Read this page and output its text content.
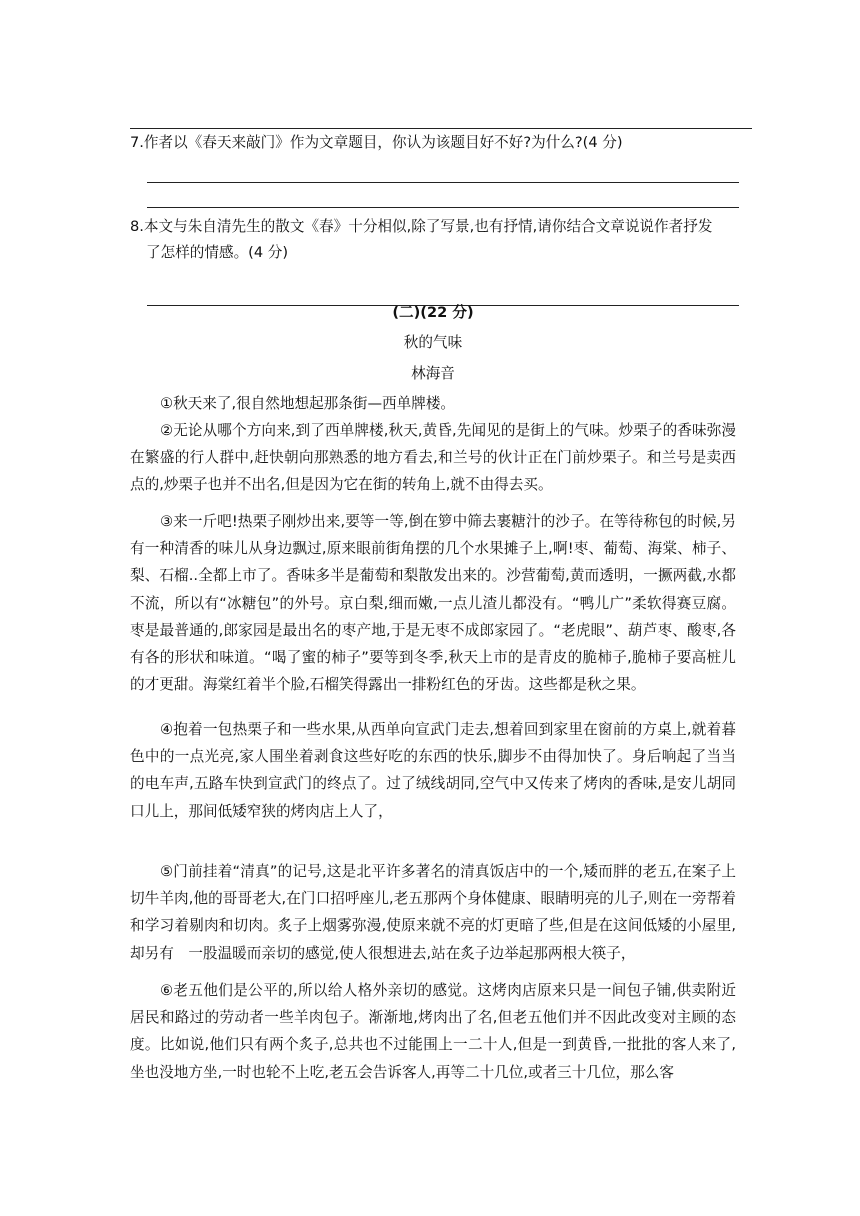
7.作者以《春天来敲门》作为文章题目，你认为该题目好不好?为什么?(4 分)
8.本文与朱自清先生的散文《春》十分相似,除了写景,也有抒情,请你结合文章说说作者抒发
了怎样的情感。(4 分)
(二)(22 分)
秋的气味
林海音
①秋天来了,很自然地想起那条街—西单牌楼。
②无论从哪个方向来,到了西单牌楼,秋天,黄昏,先闻见的是街上的气味。炒栗子的香味弥漫在繁盛的行人群中,赶快朝向那熟悉的地方看去,和兰号的伙计正在门前炒栗子。和兰号是卖西点的,炒栗子也并不出名,但是因为它在街的转角上,就不由得去买。
③来一斤吧!热栗子刚炒出来,要等一等,倒在箩中筛去裹糖汁的沙子。在等待称包的时候,另有一种清香的味儿从身边飘过,原来眼前街角摆的几个水果摊子上,啊!枣、葡萄、海棠、柿子、梨、石榴..全都上市了。香味多半是葡萄和梨散发出来的。沙营葡萄,黄而透明，一撅两截,水都不流，所以有“冰糖包”的外号。京白梨,细而嫩,一点儿渣儿都没有。“鸭儿广”柔软得赛豆腐。枣是最普通的,郎家园是最出名的枣产地,于是无枣不成郎家园了。“老虎眼”、葫芦枣、酸枣,各有各的形状和味道。“喝了蜜的柿子”要等到冬季,秋天上市的是青皮的脆柿子,脆柿子要高桩儿的才更甜。海棠红着半个脸,石榴笑得露出一排粉红色的牙齿。这些都是秋之果。
④抱着一包热栗子和一些水果,从西单向宣武门走去,想着回到家里在窗前的方桌上,就着暮色中的一点光亮,家人围坐着剥食这些好吃的东西的快乐,脚步不由得加快了。身后响起了当当的电车声,五路车快到宣武门的终点了。过了绒线胡同,空气中又传来了烤肉的香味,是安儿胡同口儿上，那间低矮窄狭的烤肉店上人了，
⑤门前挂着“清真”的记号,这是北平许多著名的清真饭店中的一个,矮而胖的老五,在案子上切牛羊肉,他的哥哥老大,在门口招呼座儿,老五那两个身体健康、眼睛明亮的儿子,则在一旁帮着和学习着剔肉和切肉。炙子上烟雾弥漫,使原来就不亮的灯更暗了些,但是在这间低矮的小屋里,却另有　一股温暖而亲切的感觉,使人很想进去,站在炙子边举起那两根大筷子，
⑥老五他们是公平的,所以给人格外亲切的感觉。这烤肉店原来只是一间包子铺,供卖附近居民和路过的劳动者一些羊肉包子。渐渐地,烤肉出了名,但老五他们并不因此改变对主顾的态度。比如说,他们只有两个炙子,总共也不过能围上一二十人,但是一到黄昏,一批批的客人来了,坐也没地方坐,一时也轮不上吃,老五会告诉客人,再等二十几位,或者三十几位，那么客
